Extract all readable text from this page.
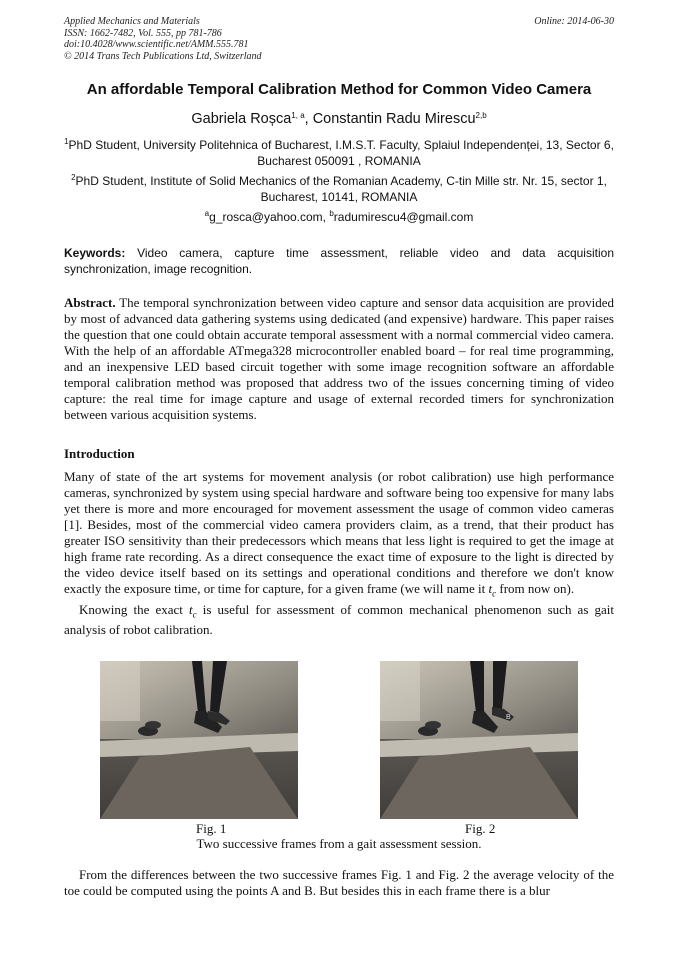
Applied Mechanics and Materials
ISSN: 1662-7482, Vol. 555, pp 781-786
doi:10.4028/www.scientific.net/AMM.555.781
© 2014 Trans Tech Publications Ltd, Switzerland
Online: 2014-06-30
An affordable Temporal Calibration Method for Common Video Camera
Gabriela Roșca$^{1, a}$, Constantin Radu Mirescu$^{2,b}$
$^1$PhD Student, University Politehnica of Bucharest, I.M.S.T. Faculty, Splaiul Independenței, 13, Sector 6, Bucharest 050091 , ROMANIA
$^2$PhD Student, Institute of Solid Mechanics of the Romanian Academy, C-tin Mille str. Nr. 15, sector 1, Bucharest, 10141, ROMANIA
$^a$g_rosca@yahoo.com, $^b$radumirescu4@gmail.com
Keywords: Video camera, capture time assessment, reliable video and data acquisition synchronization, image recognition.
Abstract. The temporal synchronization between video capture and sensor data acquisition are provided by most of advanced data gathering systems using dedicated (and expensive) hardware. This paper raises the question that one could obtain accurate temporal assessment with a normal commercial video camera. With the help of an affordable ATmega328 microcontroller enabled board – for real time programming, and an inexpensive LED based circuit together with some image recognition software an affordable temporal calibration method was proposed that address two of the issues concerning timing of video capture: the real time for image capture and usage of external recorded timers for synchronization between various acquisition systems.
Introduction

Many of state of the art systems for movement analysis (or robot calibration) use high performance cameras, synchronized by system using special hardware and software being too expensive for many labs yet there is more and more encouraged for movement assessment the usage of common video cameras [1]. Besides, most of the commercial video camera providers claim, as a trend, that their product has greater ISO sensitivity than their predecessors which means that less light is required to get the image at high frame rate recording. As a direct consequence the exact time of exposure to the light is directed by the video device itself based on its settings and operational conditions and therefore we don't know exactly the exposure time, or time for capture, for a given frame (we will name it $t_c$ from now on).

Knowing the exact $t_c$ is useful for assessment of common mechanical phenomenon such as gait analysis of robot calibration.

B
Fig. 1	Fig. 2
Two successive frames from a gait assessment session.

From the differences between the two successive frames Fig. 1 and Fig. 2 the average velocity of the toe could be computed using the points A and B. But besides this in each frame there is a blur
